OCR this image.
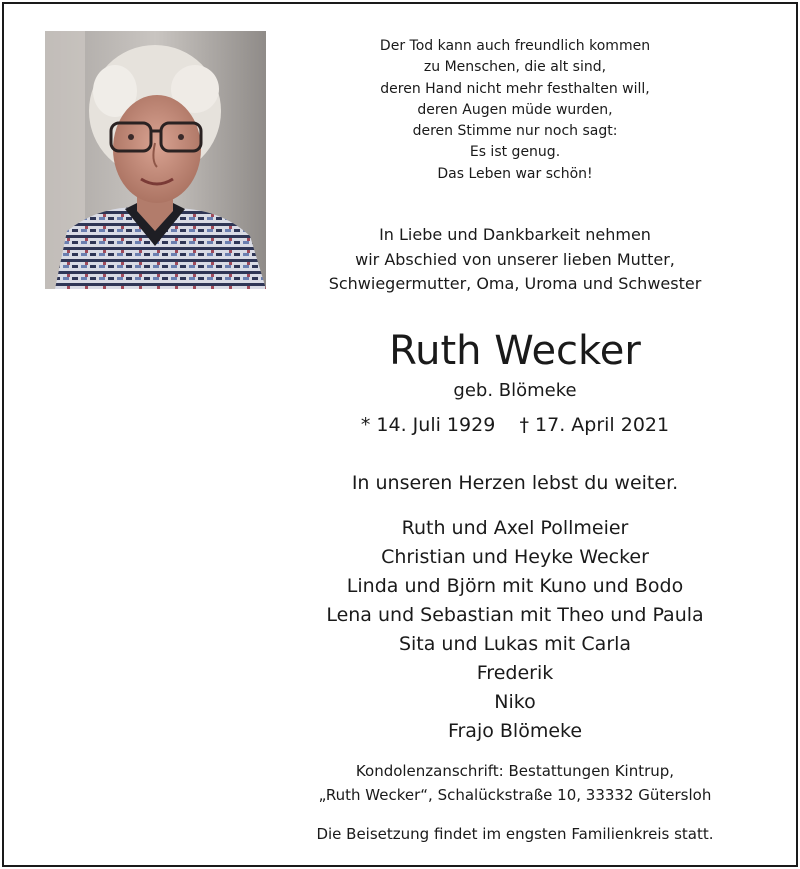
Der Tod kann auch freundlich kommen
zu Menschen, die alt sind,
deren Hand nicht mehr festhalten will,
deren Augen müde wurden,
deren Stimme nur noch sagt:
Es ist genug.
Das Leben war schön!
In Liebe und Dankbarkeit nehmen
wir Abschied von unserer lieben Mutter,
Schwiegermutter, Oma, Uroma und Schwester
Ruth Wecker
geb. Blömeke
* 14. Juli 1929 † 17. April 2021
In unseren Herzen lebst du weiter.
Ruth und Axel Pollmeier
Christian und Heyke Wecker
Linda und Björn mit Kuno und Bodo
Lena und Sebastian mit Theo und Paula
Sita und Lukas mit Carla
Frederik
Niko
Frajo Blömeke
Kondolenzanschrift: Bestattungen Kintrup,
„Ruth Wecker“, Schalückstraße 10, 33332 Gütersloh
Die Beisetzung findet im engsten Familienkreis statt.
